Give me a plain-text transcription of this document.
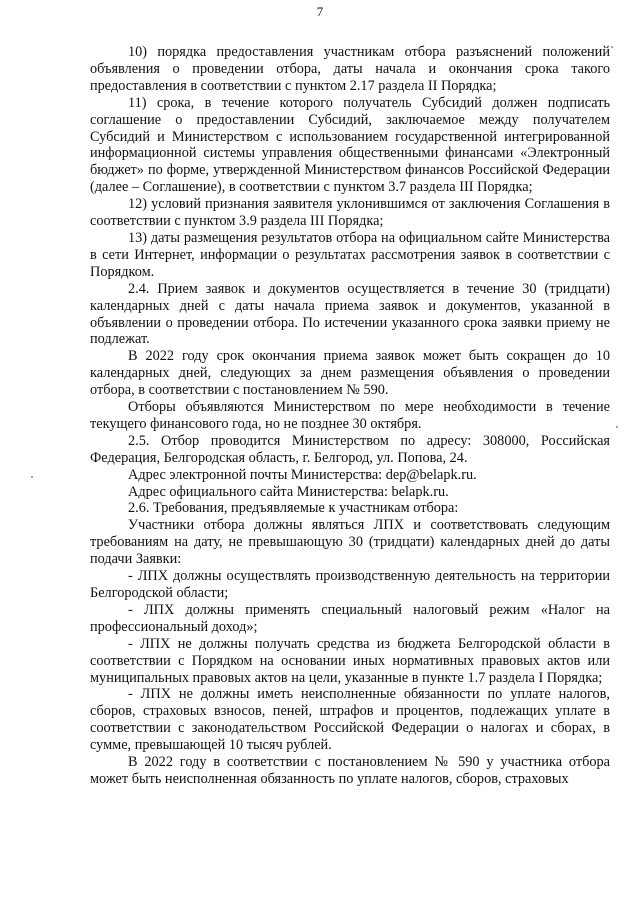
7

10) порядка предоставления участникам отбора разъяснений положений объявления о проведении отбора, даты начала и окончания срока такого предоставления в соответствии с пунктом 2.17 раздела II Порядка;

11) срока, в течение которого получатель Субсидий должен подписать соглашение о предоставлении Субсидий, заключаемое между получателем Субсидий и Министерством с использованием государственной интегрированной информационной системы управления общественными финансами «Электронный бюджет» по форме, утвержденной Министерством финансов Российской Федерации (далее – Соглашение), в соответствии с пунктом 3.7 раздела III Порядка;

12) условий признания заявителя уклонившимся от заключения Соглашения в соответствии с пунктом 3.9 раздела III Порядка;

13) даты размещения результатов отбора на официальном сайте Министерства в сети Интернет, информации о результатах рассмотрения заявок в соответствии с Порядком.

2.4. Прием заявок и документов осуществляется в течение 30 (тридцати) календарных дней с даты начала приема заявок и документов, указанной в объявлении о проведении отбора. По истечении указанного срока заявки приему не подлежат.

В 2022 году срок окончания приема заявок может быть сокращен до 10 календарных дней, следующих за днем размещения объявления о проведении отбора, в соответствии с постановлением № 590.

Отборы объявляются Министерством по мере необходимости в течение текущего финансового года, но не позднее 30 октября.

2.5. Отбор проводится Министерством по адресу: 308000, Российская Федерация, Белгородская область, г. Белгород, ул. Попова, 24.

Адрес электронной почты Министерства: dep@belapk.ru.

Адрес официального сайта Министерства: belapk.ru.

2.6. Требования, предъявляемые к участникам отбора:

Участники отбора должны являться ЛПХ и соответствовать следующим требованиям на дату, не превышающую 30 (тридцати) календарных дней до даты подачи Заявки:

- ЛПХ должны осуществлять производственную деятельность на территории Белгородской области;

- ЛПХ должны применять специальный налоговый режим «Налог на профессиональный доход»;

- ЛПХ не должны получать средства из бюджета Белгородской области в соответствии с Порядком на основании иных нормативных правовых актов или муниципальных правовых актов на цели, указанные в пункте 1.7 раздела I Порядка;

- ЛПХ не должны иметь неисполненные обязанности по уплате налогов, сборов, страховых взносов, пеней, штрафов и процентов, подлежащих уплате в соответствии с законодательством Российской Федерации о налогах и сборах, в сумме, превышающей 10 тысяч рублей.

В 2022 году в соответствии с постановлением № 590 у участника отбора может быть неисполненная обязанность по уплате налогов, сборов, страховых
